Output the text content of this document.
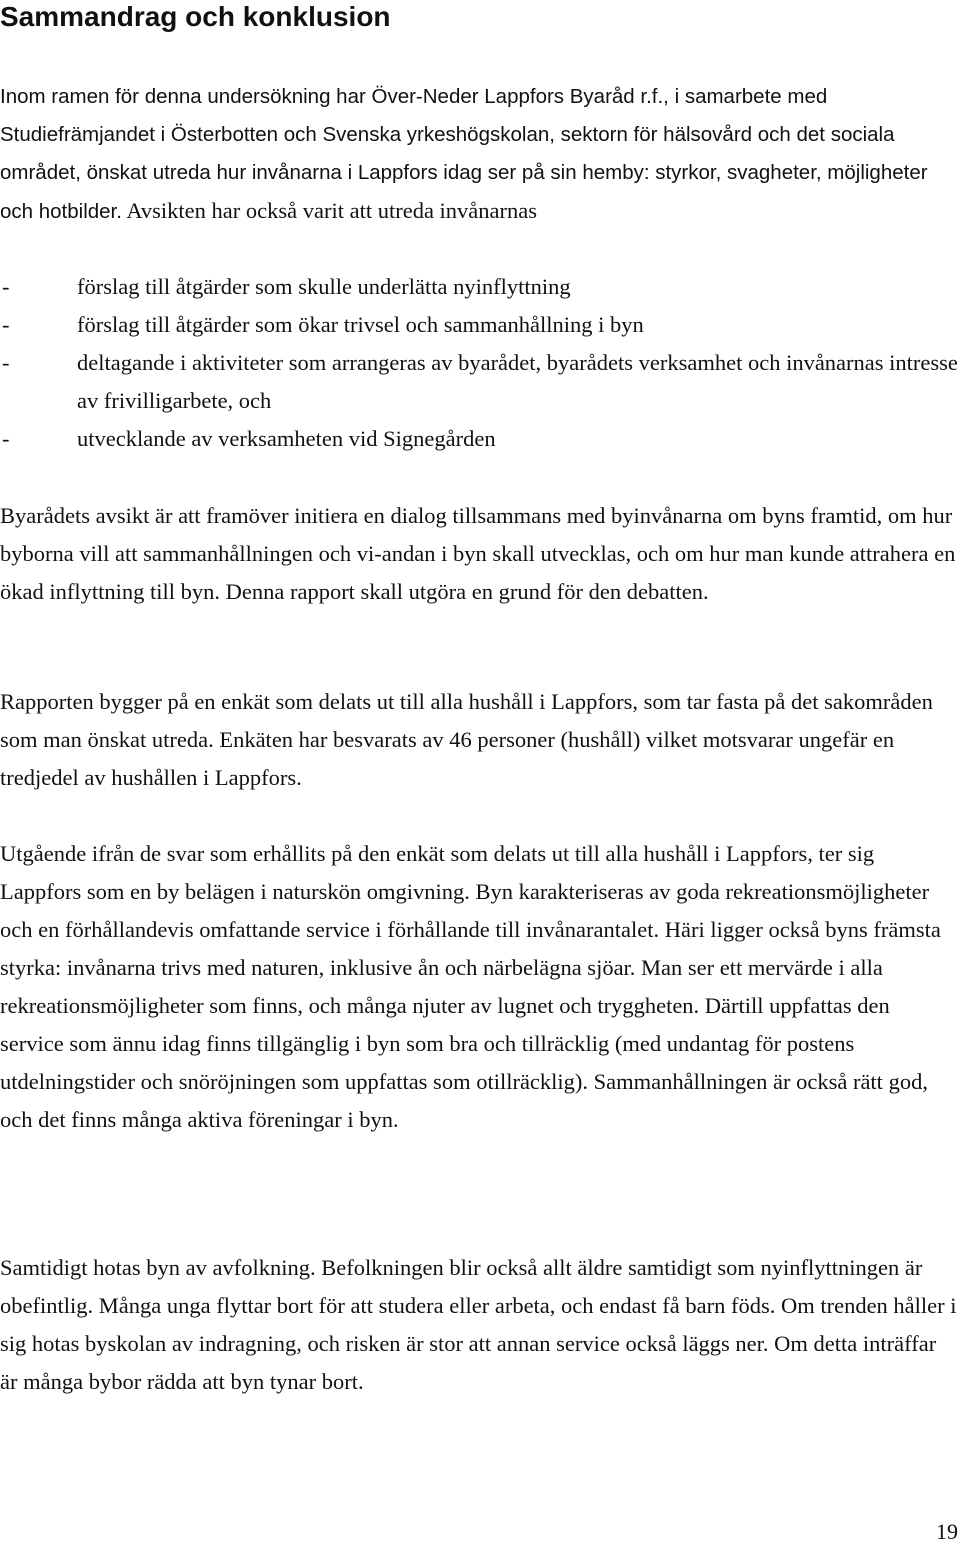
Sammandrag och konklusion

Inom ramen för denna undersökning har Över-Neder Lappfors Byaråd r.f., i samarbete med Studiefrämjandet i Österbotten och Svenska yrkeshögskolan, sektorn för hälsovård och det sociala området, önskat utreda hur invånarna i Lappfors idag ser på sin hemby: styrkor, svagheter, möjligheter och hotbilder. Avsikten har också varit att utreda invånarnas

-	förslag till åtgärder som skulle underlätta nyinflyttning
-	förslag till åtgärder som ökar trivsel och sammanhållning i byn
-	deltagande i aktiviteter som arrangeras av byarådet, byarådets verksamhet och invånarnas intresse av frivilligarbete, och
-	utvecklande av verksamheten vid Signegården

Byarådets avsikt är att framöver initiera en dialog tillsammans med byinvånarna om byns framtid, om hur byborna vill att sammanhållningen och vi-andan i byn skall utvecklas, och om hur man kunde attrahera en ökad inflyttning till byn. Denna rapport skall utgöra en grund för den debatten.

Rapporten bygger på en enkät som delats ut till alla hushåll i Lappfors, som tar fasta på det sakområden som man önskat utreda. Enkäten har besvarats av 46 personer (hushåll) vilket motsvarar ungefär en tredjedel av hushållen i Lappfors.

Utgående ifrån de svar som erhållits på den enkät som delats ut till alla hushåll i Lappfors, ter sig Lappfors som en by belägen i naturskön omgivning. Byn karakteriseras av goda rekreationsmöjligheter och en förhållandevis omfattande service i förhållande till invånarantalet. Häri ligger också byns främsta styrka: invånarna trivs med naturen, inklusive ån och närbelägna sjöar. Man ser ett mervärde i alla rekreationsmöjligheter som finns, och många njuter av lugnet och tryggheten. Därtill uppfattas den service som ännu idag finns tillgänglig i byn som bra och tillräcklig (med undantag för postens utdelningstider och snöröjningen som uppfattas som otillräcklig). Sammanhållningen är också rätt god, och det finns många aktiva föreningar i byn.

Samtidigt hotas byn av avfolkning. Befolkningen blir också allt äldre samtidigt som nyinflyttningen är obefintlig. Många unga flyttar bort för att studera eller arbeta, och endast få barn föds. Om trenden håller i sig hotas byskolan av indragning, och risken är stor att annan service också läggs ner. Om detta inträffar är många bybor rädda att byn tynar bort.

19
